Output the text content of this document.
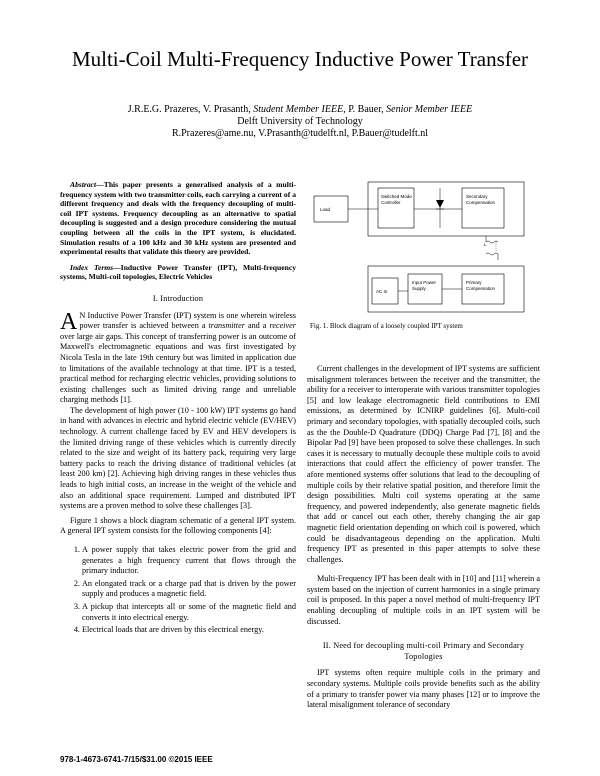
Multi-Coil Multi-Frequency Inductive Power Transfer
J.R.E.G. Prazeres, V. Prasanth, Student Member IEEE, P. Bauer, Senior Member IEEE
Delft University of Technology
R.Prazeres@ame.nu, V.Prasanth@tudelft.nl, P.Bauer@tudelft.nl

Abstract—This paper presents a generalised analysis of a multi-frequency system with two transmitter coils, each carrying a current of a different frequency and deals with the frequency decoupling of multi-coil IPT systems. Frequency decoupling as an alternative to spatial decoupling is suggested and a design procedure considering the mutual coupling between all the coils in the IPT system, is elucidated. Simulation results of a 100 kHz and 30 kHz system are presented and experimental results that validate this theory are provided.

Index Terms—Inductive Power Transfer (IPT), Multi-frequency systems, Multi-coil topologies, Electric Vehicles

I. Introduction

A N Inductive Power Transfer (IPT) system is one wherein wireless power transfer is achieved between a transmitter and a receiver over large air gaps. This concept of transferring power is an outcome of Maxwell's electromagnetic equations and was first investigated by Nicola Tesla in the late 19th century but was limited in application due to limitations of the available technology at that time. IPT is a tested, practical method for recharging electric vehicles, providing solutions to existing challenges such as limited driving range and unreliable charging methods [1].

The development of high power (10 - 100 kW) IPT systems go hand in hand with advances in electric and hybrid electric vehicle (EV/HEV) technology. A current challenge faced by EV and HEV developers is the limited driving range of these vehicles which is currently directly related to the size and weight of its battery pack, requiring very large battery packs to reach the driving distance of traditional vehicles (at least 200 km) [2]. Achieving high driving ranges in these vehicles thus leads to high initial costs, an increase in the weight of the vehicle and also an additional space requirement. Lumped and distributed IPT systems are a proven method to solve these challenges [3].

Figure 1 shows a block diagram schematic of a general IPT system. A general IPT system consists for the following components [4]:

1. A power supply that takes electric power from the grid and generates a high frequency current that flows through the primary inductor.
2. An elongated track or a charge pad that is driven by the power supply and produces a magnetic field.
3. A pickup that intercepts all or some of the magnetic field and converts it into electrical energy.
4. Electrical loads that are driven by this electrical energy.
Load
Switched Mode
Controller
Secondary
Compensation
L
AC In
Input Power
Supply
Primary
Compensation
Fig. 1. Block diagram of a loosely coupled IPT system

Current challenges in the development of IPT systems are sufficient misalignment tolerances between the receiver and the transmitter, the ability for a receiver to interoperate with various transmitter topologies [5] and low leakage electromagnetic field contributions to EMI emissions, as determined by ICNIRP guidelines [6]. Multi-coil primary and secondary topologies, with spatially decoupled coils, such as the the Double-D Quadrature (DDQ) Charge Pad [7], [8] and the Bipolar Pad [9] have been proposed to solve these challenges. In such cases it is necessary to mutually decouple these multiple coils to avoid interactions that could affect the efficiency of power transfer. The afore mentioned systems offer solutions that lead to the decoupling of multiple coils by their relative spatial position, and therefore limit the design possibilities. Multi coil systems operating at the same frequency, and powered independently, also generate magnetic fields that add or cancel out each other, thereby changing the air gap magnetic field orientation depending on which coil is powered, which could be disadvantageous depending on the application. Multi frequency IPT as presented in this paper attempts to solve these challenges.

Multi-Frequency IPT has been dealt with in [10] and [11] wherein a system based on the injection of current harmonics in a single primary coil is proposed. In this paper a novel method of multi-frequency IPT enabling decoupling of multiple coils in an IPT system will be discussed.

II. Need for decoupling multi-coil Primary and Secondary Topologies

IPT systems often require multiple coils in the primary and secondary systems. Multiple coils provide benefits such as the ability of a primary to transfer power via many phases [12] or to improve the lateral misalignment tolerance of secondary

978-1-4673-6741-7/15/$31.00 ©2015 IEEE
